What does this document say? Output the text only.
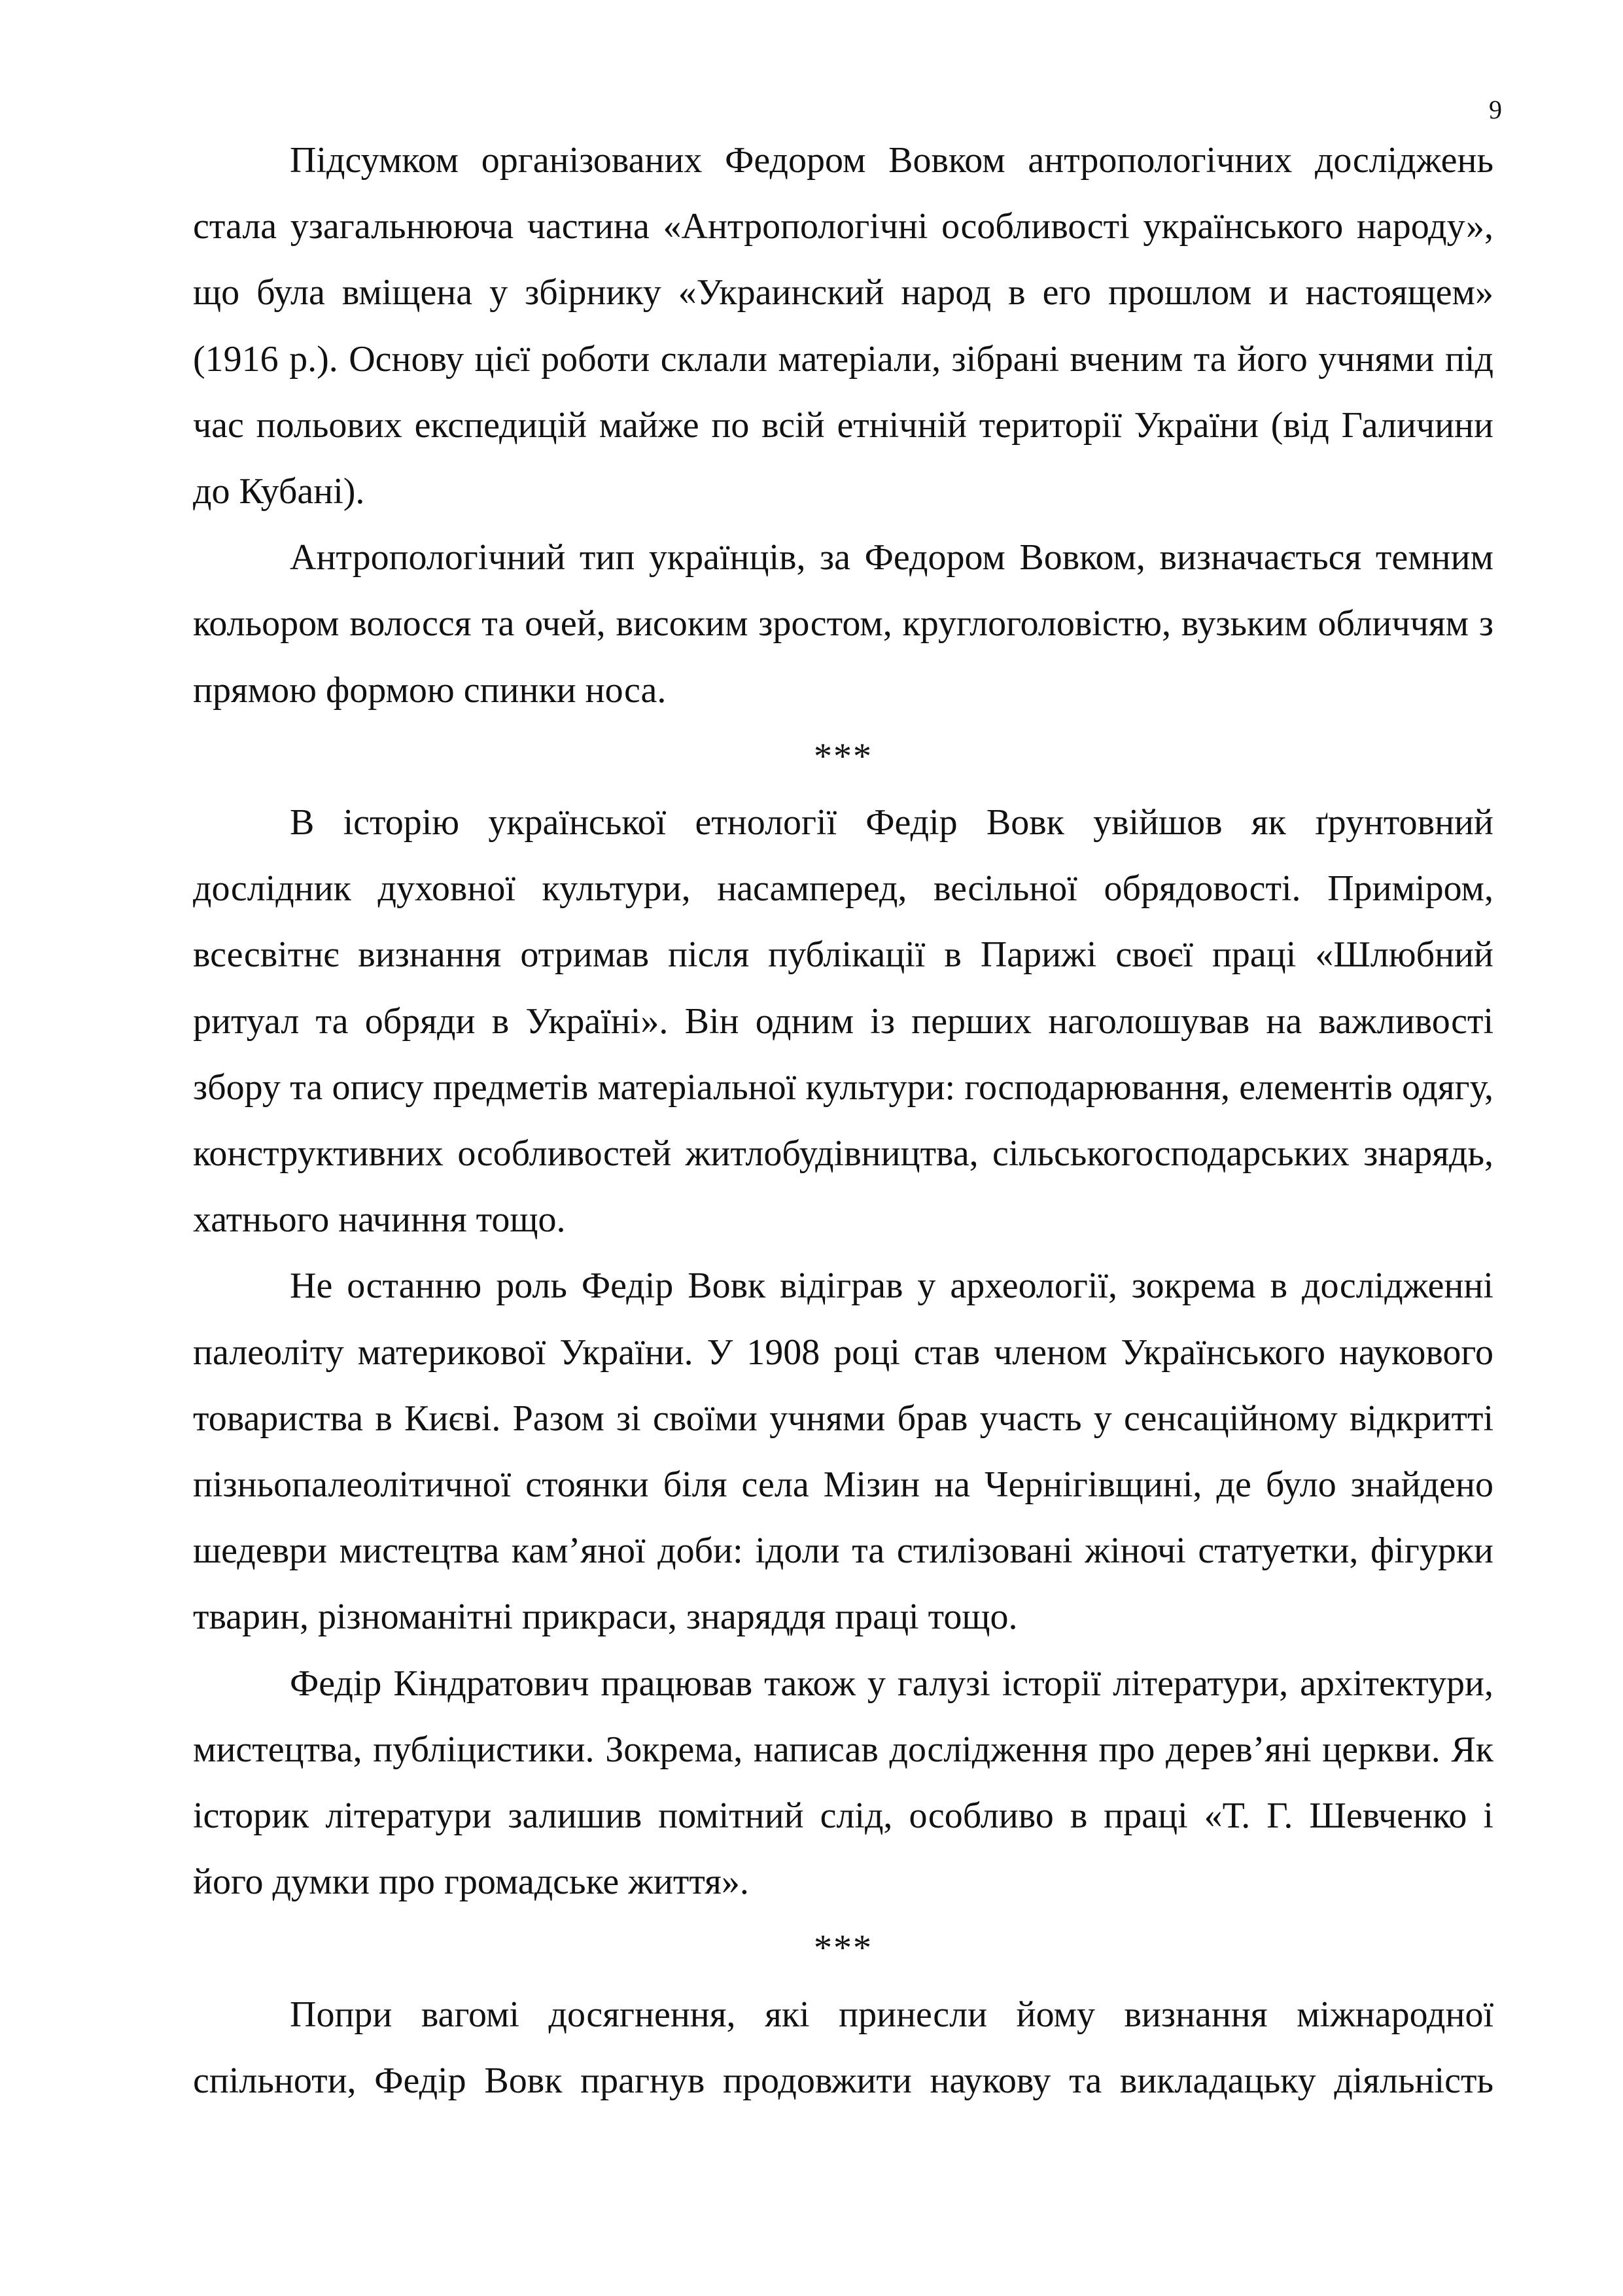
9

Підсумком організованих Федором Вовком антропологічних досліджень стала узагальнююча частина «Антропологічні особливості українського народу», що була вміщена у збірнику «Украинский народ в его прошлом и настоящем» (1916 р.). Основу цієї роботи склали матеріали, зібрані вченим та його учнями під час польових експедицій майже по всій етнічній території України (від Галичини до Кубані).

Антропологічний тип українців, за Федором Вовком, визначається темним кольором волосся та очей, високим зростом, круглоголовістю, вузьким обличчям з прямою формою спинки носа.

***

В історію української етнології Федір Вовк увійшов як ґрунтовний дослідник духовної культури, насамперед, весільної обрядовості. Приміром, всесвітнє визнання отримав після публікації в Парижі своєї праці «Шлюбний ритуал та обряди в Україні». Він одним із перших наголошував на важливості збору та опису предметів матеріальної культури: господарювання, елементів одягу, конструктивних особливостей житлобудівництва, сільськогосподарських знарядь, хатнього начиння тощо.

Не останню роль Федір Вовк відіграв у археології, зокрема в дослідженні палеоліту материкової України. У 1908 році став членом Українського наукового товариства в Києві. Разом зі своїми учнями брав участь у сенсаційному відкритті пізньопалеолітичної стоянки біля села Мізин на Чернігівщині, де було знайдено шедеври мистецтва кам’яної доби: ідоли та стилізовані жіночі статуетки, фігурки тварин, різноманітні прикраси, знаряддя праці тощо.

Федір Кіндратович працював також у галузі історії літератури, архітектури, мистецтва, публіцистики. Зокрема, написав дослідження про дерев’яні церкви. Як історик літератури залишив помітний слід, особливо в праці «Т. Г. Шевченко і його думки про громадське життя».

***

Попри вагомі досягнення, які принесли йому визнання міжнародної спільноти, Федір Вовк прагнув продовжити наукову та викладацьку діяльність
